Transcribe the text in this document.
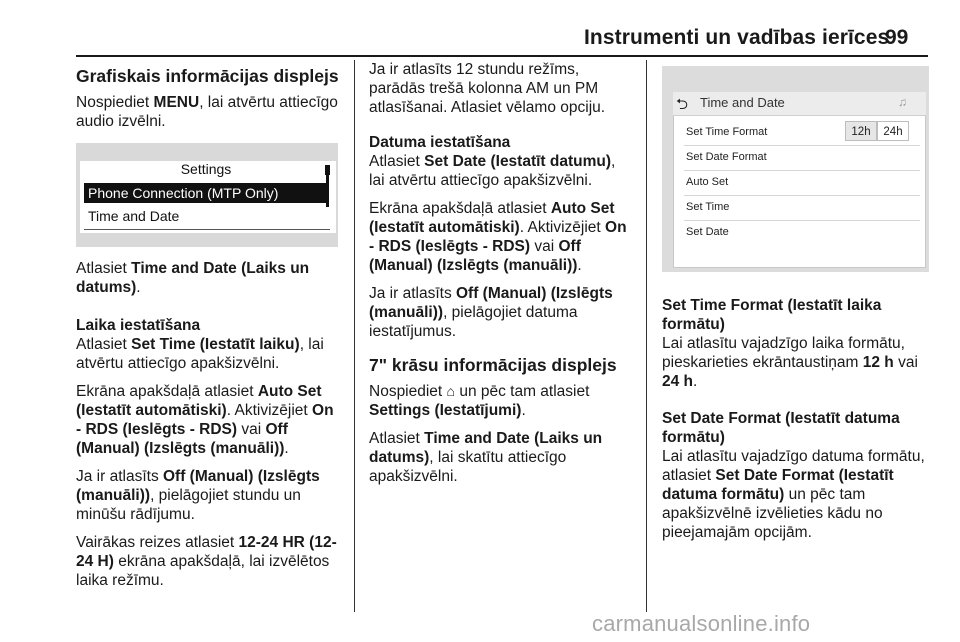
Instrumenti un vadības ierīces
99
Grafiskais informācijas displejs

Nospiediet MENU, lai atvērtu attiecīgo audio izvēlni.

Atlasiet Time and Date (Laiks un datums).

Laika iestatīšana

Atlasiet Set Time (Iestatīt laiku), lai atvērtu attiecīgo apakšizvēlni.

Ekrāna apakšdaļā atlasiet Auto Set (Iestatīt automātiski). Aktivizējiet On - RDS (Ieslēgts - RDS) vai Off (Manual) (Izslēgts (manuāli)).

Ja ir atlasīts Off (Manual) (Izslēgts (manuāli)), pielāgojiet stundu un minūšu rādījumu.

Vairākas reizes atlasiet 12-24 HR (12-24 H) ekrāna apakšdaļā, lai izvēlētos laika režīmu.

Settings
Phone Connection (MTP Only)
Time and Date

Ja ir atlasīts 12 stundu režīms, parādās trešā kolonna AM un PM atlasīšanai. Atlasiet vēlamo opciju.

Datuma iestatīšana

Atlasiet Set Date (Iestatīt datumu), lai atvērtu attiecīgo apakšizvēlni.

Ekrāna apakšdaļā atlasiet Auto Set (Iestatīt automātiski). Aktivizējiet On - RDS (Ieslēgts - RDS) vai Off (Manual) (Izslēgts (manuāli)).

Ja ir atlasīts Off (Manual) (Izslēgts (manuāli)), pielāgojiet datuma iestatījumus.

7" krāsu informācijas displejs

Nospiediet ⌂ un pēc tam atlasiet Settings (Iestatījumi).

Atlasiet Time and Date (Laiks un datums), lai skatītu attiecīgo apakšizvēlni.

⮌ Time and Date	♫
Set Time Format	12h	24h
Set Date Format
Auto Set
Set Time
Set Date
Set Time Format (Iestatīt laika formātu)

Lai atlasītu vajadzīgo laika formātu, pieskarieties ekrāntaustiņam 12 h vai 24 h.

Set Date Format (Iestatīt datuma formātu)

Lai atlasītu vajadzīgo datuma formātu, atlasiet Set Date Format (Iestatīt datuma formātu) un pēc tam apakšizvēlnē izvēlieties kādu no pieejamajām opcijām.

carmanualsonline.info
